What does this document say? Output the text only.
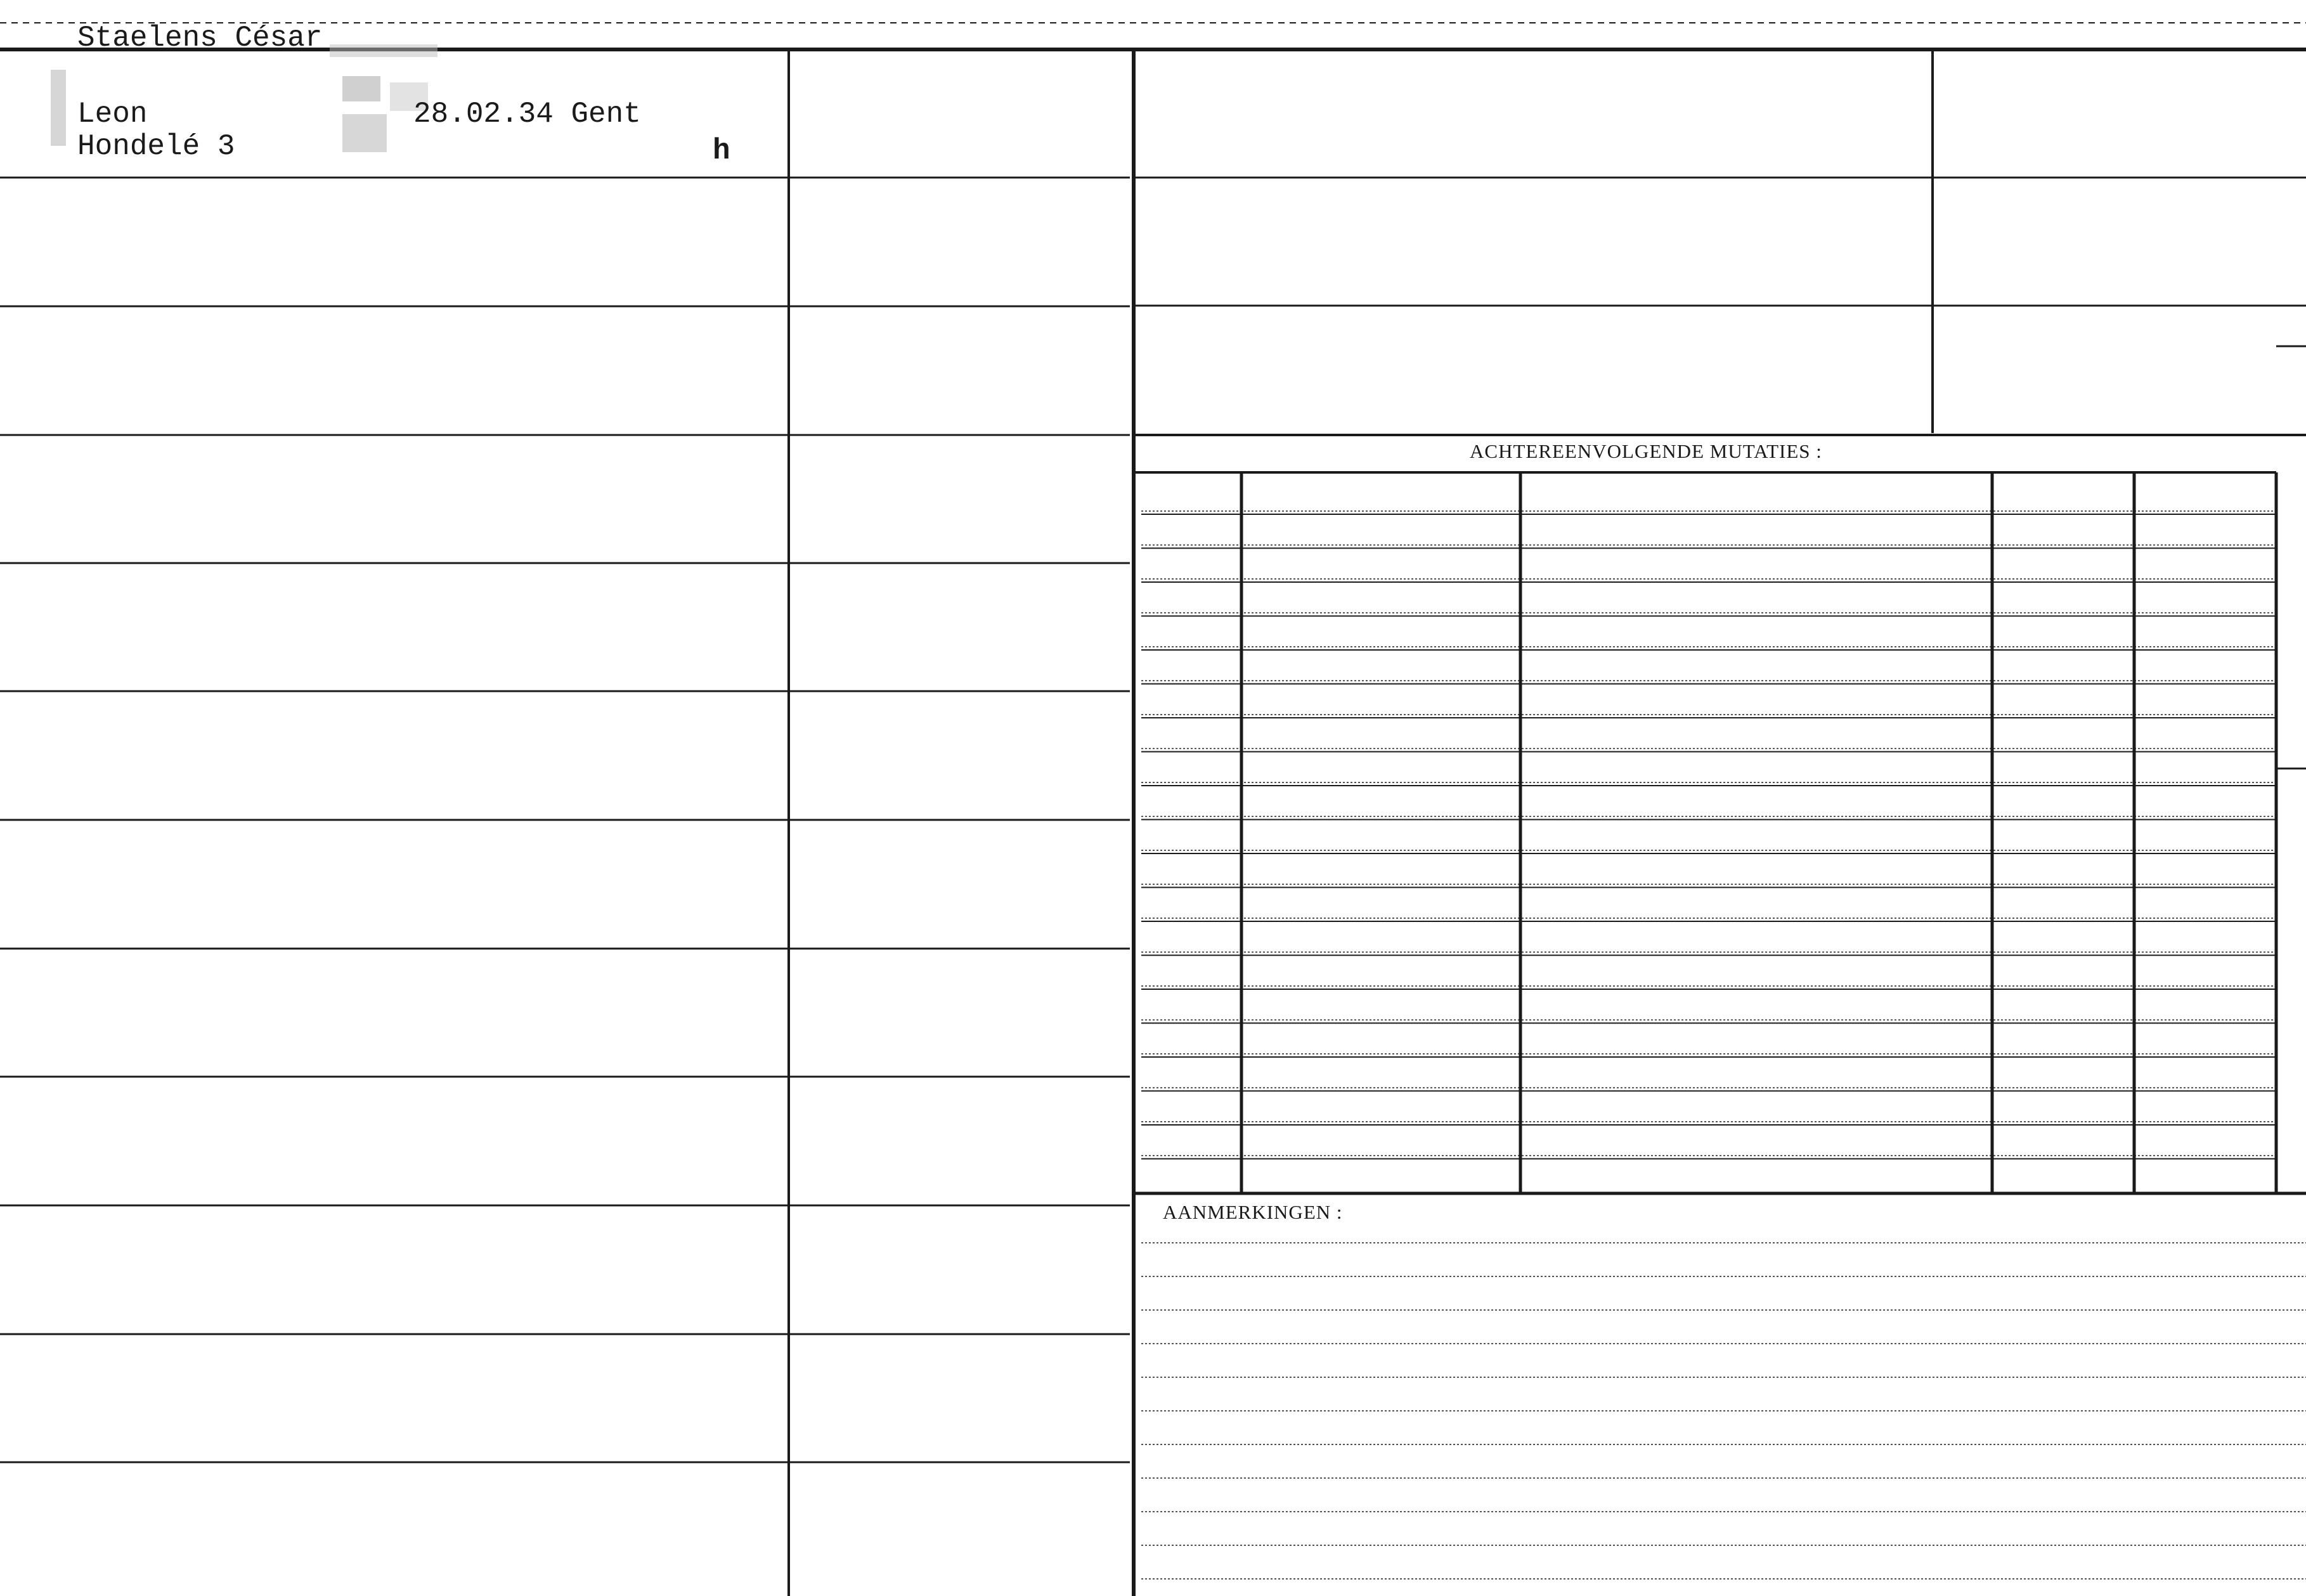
Staelens César
Leon	28.02.34 Gent
Hondelé 3	h
ACHTEREENVOLGENDE MUTATIES :
AANMERKINGEN :
